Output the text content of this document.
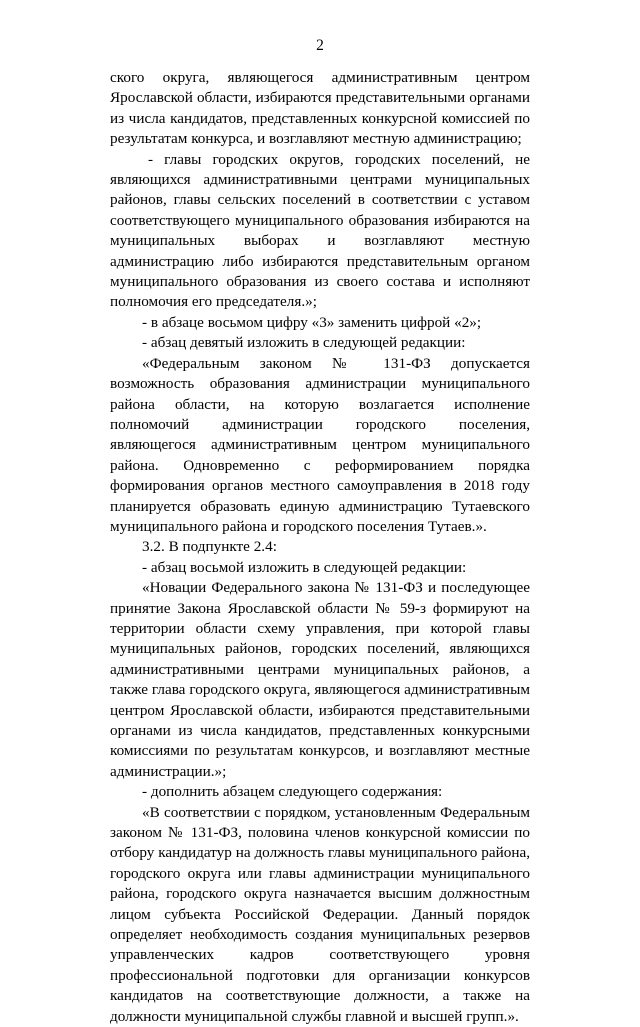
2

ского округа, являющегося административным центром Ярославской области, избираются представительными органами из числа кандидатов, представленных конкурсной комиссией по результатам конкурса, и возглавляют местную администрацию;

- главы городских округов, городских поселений, не являющихся административными центрами муниципальных районов, главы сельских поселений в соответствии с уставом соответствующего муниципального образования избираются на муниципальных выборах и возглавляют местную администрацию либо избираются представительным органом муниципального образования из своего состава и исполняют полномочия его председателя.»;

- в абзаце восьмом цифру «3» заменить цифрой «2»;

- абзац девятый изложить в следующей редакции:

«Федеральным законом № 131-ФЗ допускается возможность образования администрации муниципального района области, на которую возлагается исполнение полномочий администрации городского поселения, являющегося административным центром муниципального района. Одновременно с реформированием порядка формирования органов местного самоуправления в 2018 году планируется образовать единую администрацию Тутаевского муниципального района и городского поселения Тутаев.».

3.2. В подпункте 2.4:

- абзац восьмой изложить в следующей редакции:

«Новации Федерального закона № 131-ФЗ и последующее принятие Закона Ярославской области № 59-з формируют на территории области схему управления, при которой главы муниципальных районов, городских поселений, являющихся административными центрами муниципальных районов, а также глава городского округа, являющегося административным центром Ярославской области, избираются представительными органами из числа кандидатов, представленных конкурсными комиссиями по результатам конкурсов, и возглавляют местные администрации.»;

- дополнить абзацем следующего содержания:

«В соответствии с порядком, установленным Федеральным законом № 131-ФЗ, половина членов конкурсной комиссии по отбору кандидатур на должность главы муниципального района, городского округа или главы администрации муниципального района, городского округа назначается высшим должностным лицом субъекта Российской Федерации. Данный порядок определяет необходимость создания муниципальных резервов управленческих кадров соответствующего уровня профессиональной подготовки для организации конкурсов кандидатов на соответствующие должности, а также на должности муниципальной службы главной и высшей групп.».
